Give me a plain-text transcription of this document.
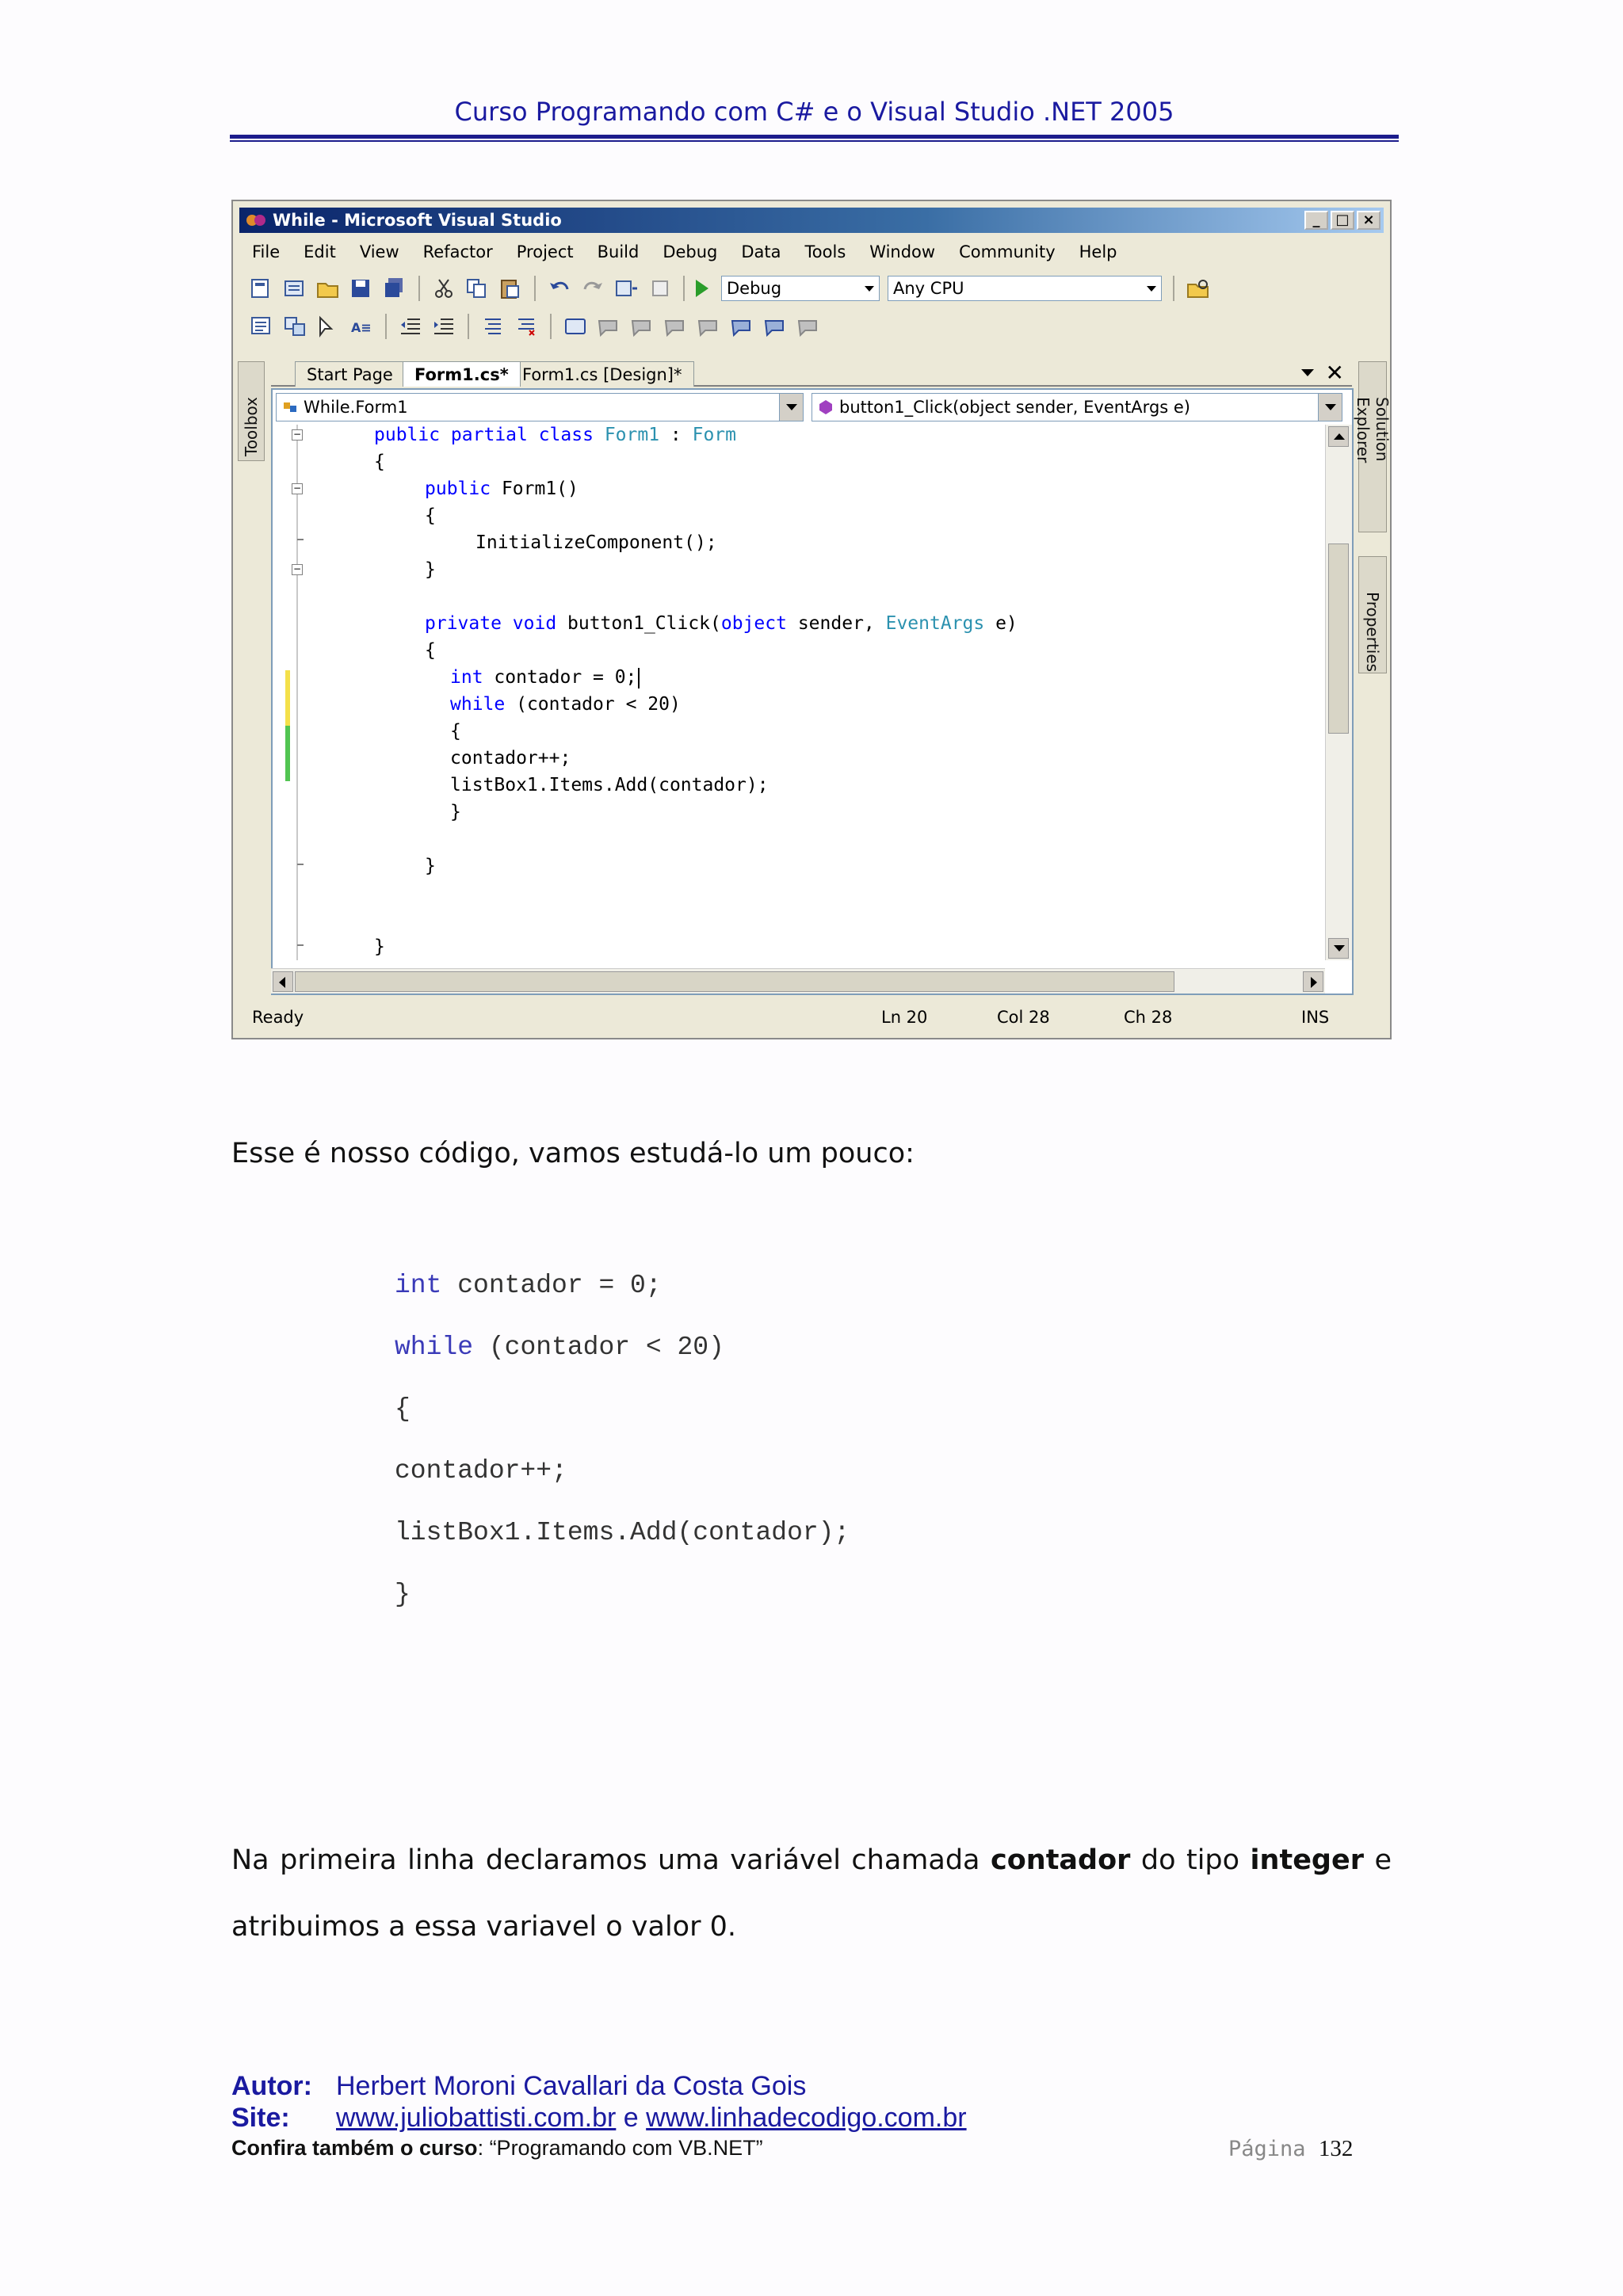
Curso Programando com C# e o Visual Studio .NET 2005
While - Microsoft Visual Studio	_	□ ×
File Edit View Refactor Project Build Debug Data Tools Window Community Help
Debug	Any CPU
A≡
Toolbox	Solution Explorer
Properties
Start Page	Form1.cs* Form1.cs [Design]*	✕
While.Form1	button1_Click(object sender, EventArgs e)
−
−
−
public partial class Form1 : Form
{
public Form1()
{
InitializeComponent();
}
private void button1_Click(object sender, EventArgs e)
{
int contador = 0;
while (contador < 20)
{
contador++;
listBox1.Items.Add(contador);
}
}
}
Ready	Ln 20	Col 28	Ch 28	INS
Esse é nosso código, vamos estudá-lo um pouco:
int contador = 0;
while (contador < 20)
{
contador++;
listBox1.Items.Add(contador);
}
Na primeira linha declaramos uma variável chamada contador do tipo integer e atribuimos a essa variavel o valor 0.
Autor: Herbert Moroni Cavallari da Costa Gois
Site: www.juliobattisti.com.br e www.linhadecodigo.com.br
Confira também o curso: “Programando com VB.NET”	Página 132
